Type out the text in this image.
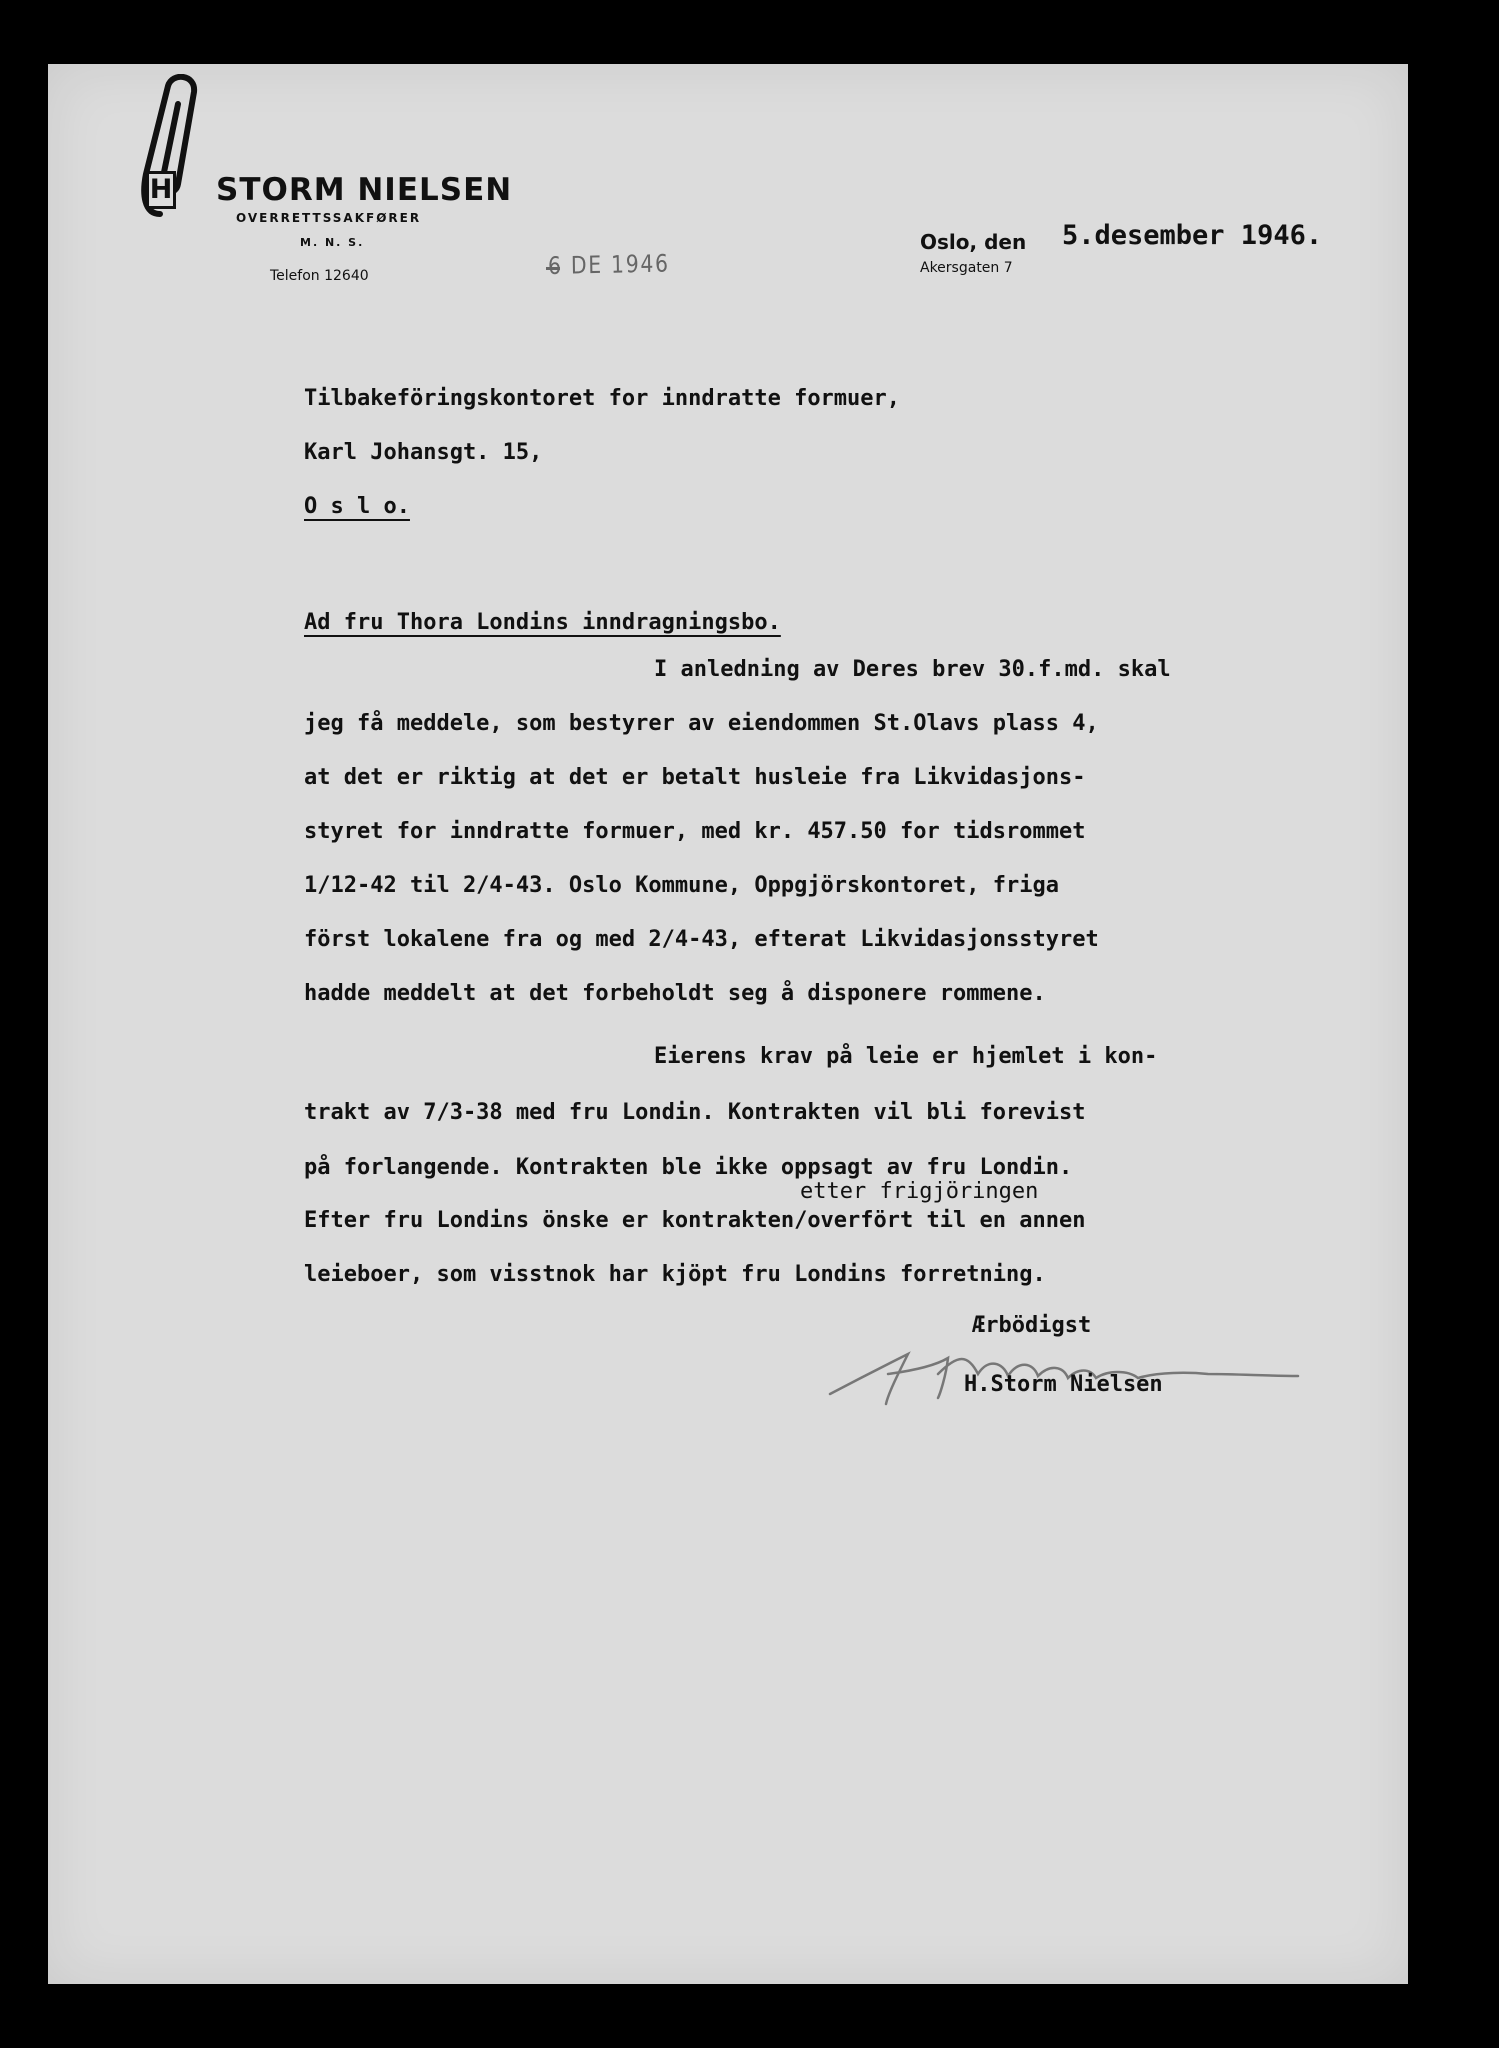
H STORM NIELSEN
OVERRETTSSAKFØRER
M. N. S.
Telefon 12640	6 DE 1946
Oslo, den
Akersgaten 7
5.desember 1946.
Tilbakeföringskontoret for inndratte formuer,
Karl Johansgt. 15,
O s l o.
Ad fru Thora Londins inndragningsbo.
I anledning av Deres brev 30.f.md. skal
jeg få meddele, som bestyrer av eiendommen St.Olavs plass 4,
at det er riktig at det er betalt husleie fra Likvidasjons-
styret for inndratte formuer, med kr. 457.50 for tidsrommet
1/12-42 til 2/4-43. Oslo Kommune, Oppgjörskontoret, friga
först lokalene fra og med 2/4-43, efterat Likvidasjonsstyret
hadde meddelt at det forbeholdt seg å disponere rommene.
Eierens krav på leie er hjemlet i kon-
trakt av 7/3-38 med fru Londin. Kontrakten vil bli forevist
på forlangende. Kontrakten ble ikke oppsagt av fru Londin.
etter frigjöringen
Efter fru Londins önske er kontrakten/overfört til en annen
leieboer, som visstnok har kjöpt fru Londins forretning.
Ærbödigst
H.Storm Nielsen
